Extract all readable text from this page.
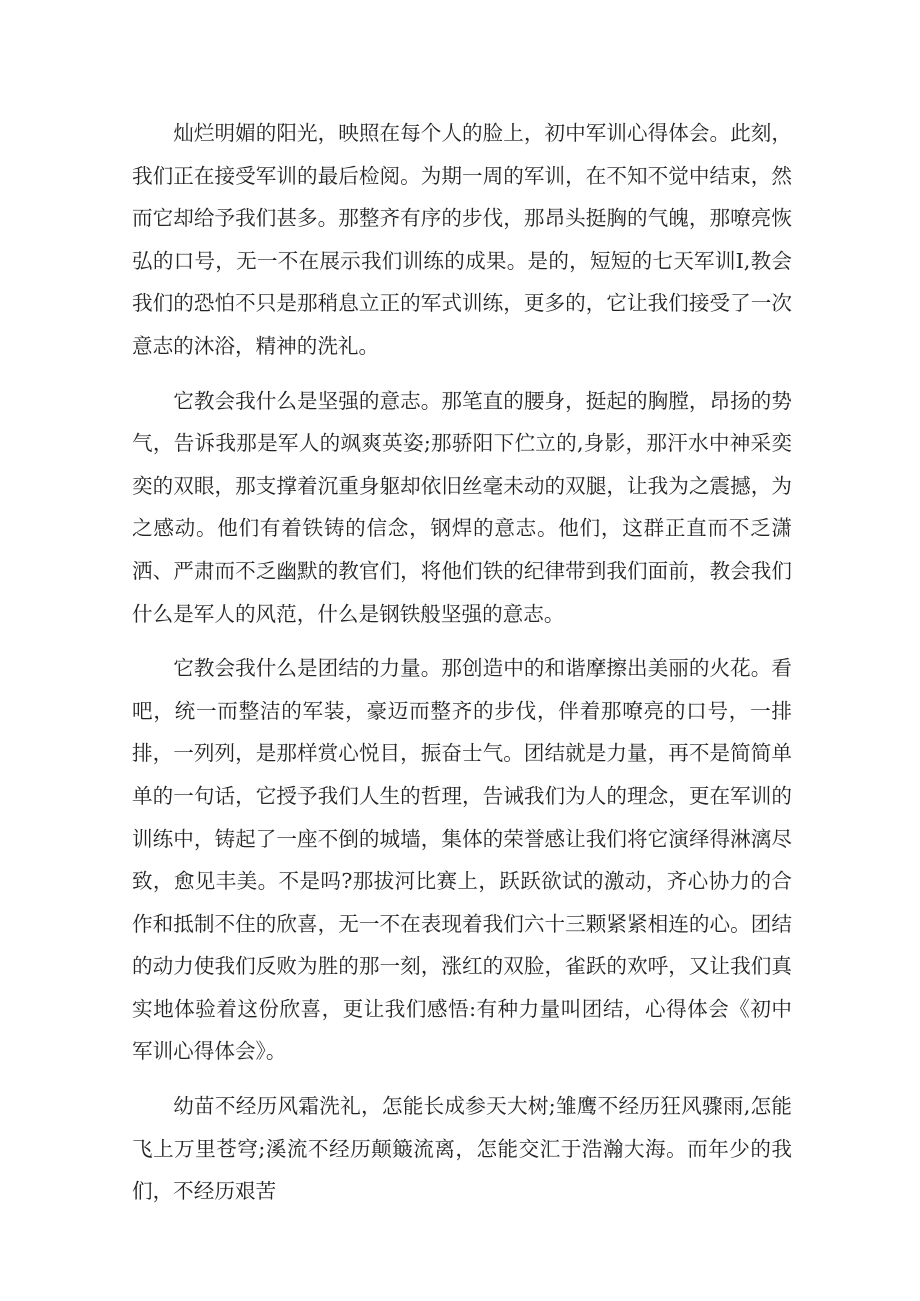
灿烂明媚的阳光，映照在每个人的脸上，初中军训心得体会。此刻，我们正在接受军训的最后检阅。为期一周的军训，在不知不觉中结束，然而它却给予我们甚多。那整齐有序的步伐，那昂头挺胸的气魄，那嘹亮恢弘的口号，无一不在展示我们训练的成果。是的，短短的七天军训I,教会我们的恐怕不只是那稍息立正的军式训练，更多的，它让我们接受了一次意志的沐浴，精神的洗礼。

它教会我什么是坚强的意志。那笔直的腰身，挺起的胸膛，昂扬的势气，告诉我那是军人的飒爽英姿;那骄阳下伫立的,身影，那汗水中神采奕奕的双眼，那支撑着沉重身躯却依旧丝毫未动的双腿，让我为之震撼，为之感动。他们有着铁铸的信念，钢焊的意志。他们，这群正直而不乏潇洒、严肃而不乏幽默的教官们，将他们铁的纪律带到我们面前，教会我们什么是军人的风范，什么是钢铁般坚强的意志。

它教会我什么是团结的力量。那创造中的和谐摩擦出美丽的火花。看吧，统一而整洁的军装，豪迈而整齐的步伐，伴着那嘹亮的口号，一排排，一列列，是那样赏心悦目，振奋士气。团结就是力量，再不是简简单单的一句话，它授予我们人生的哲理，告诫我们为人的理念，更在军训的训练中，铸起了一座不倒的城墙，集体的荣誉感让我们将它演绎得淋漓尽致，愈见丰美。不是吗?那拔河比赛上，跃跃欲试的激动，齐心协力的合作和抵制不住的欣喜，无一不在表现着我们六十三颗紧紧相连的心。团结的动力使我们反败为胜的那一刻，涨红的双脸，雀跃的欢呼，又让我们真实地体验着这份欣喜，更让我们感悟:有种力量叫团结，心得体会《初中军训心得体会》。

幼苗不经历风霜洗礼，怎能长成参天大树;雏鹰不经历狂风骤雨,怎能飞上万里苍穹;溪流不经历颠簸流离，怎能交汇于浩瀚大海。而年少的我们，不经历艰苦
